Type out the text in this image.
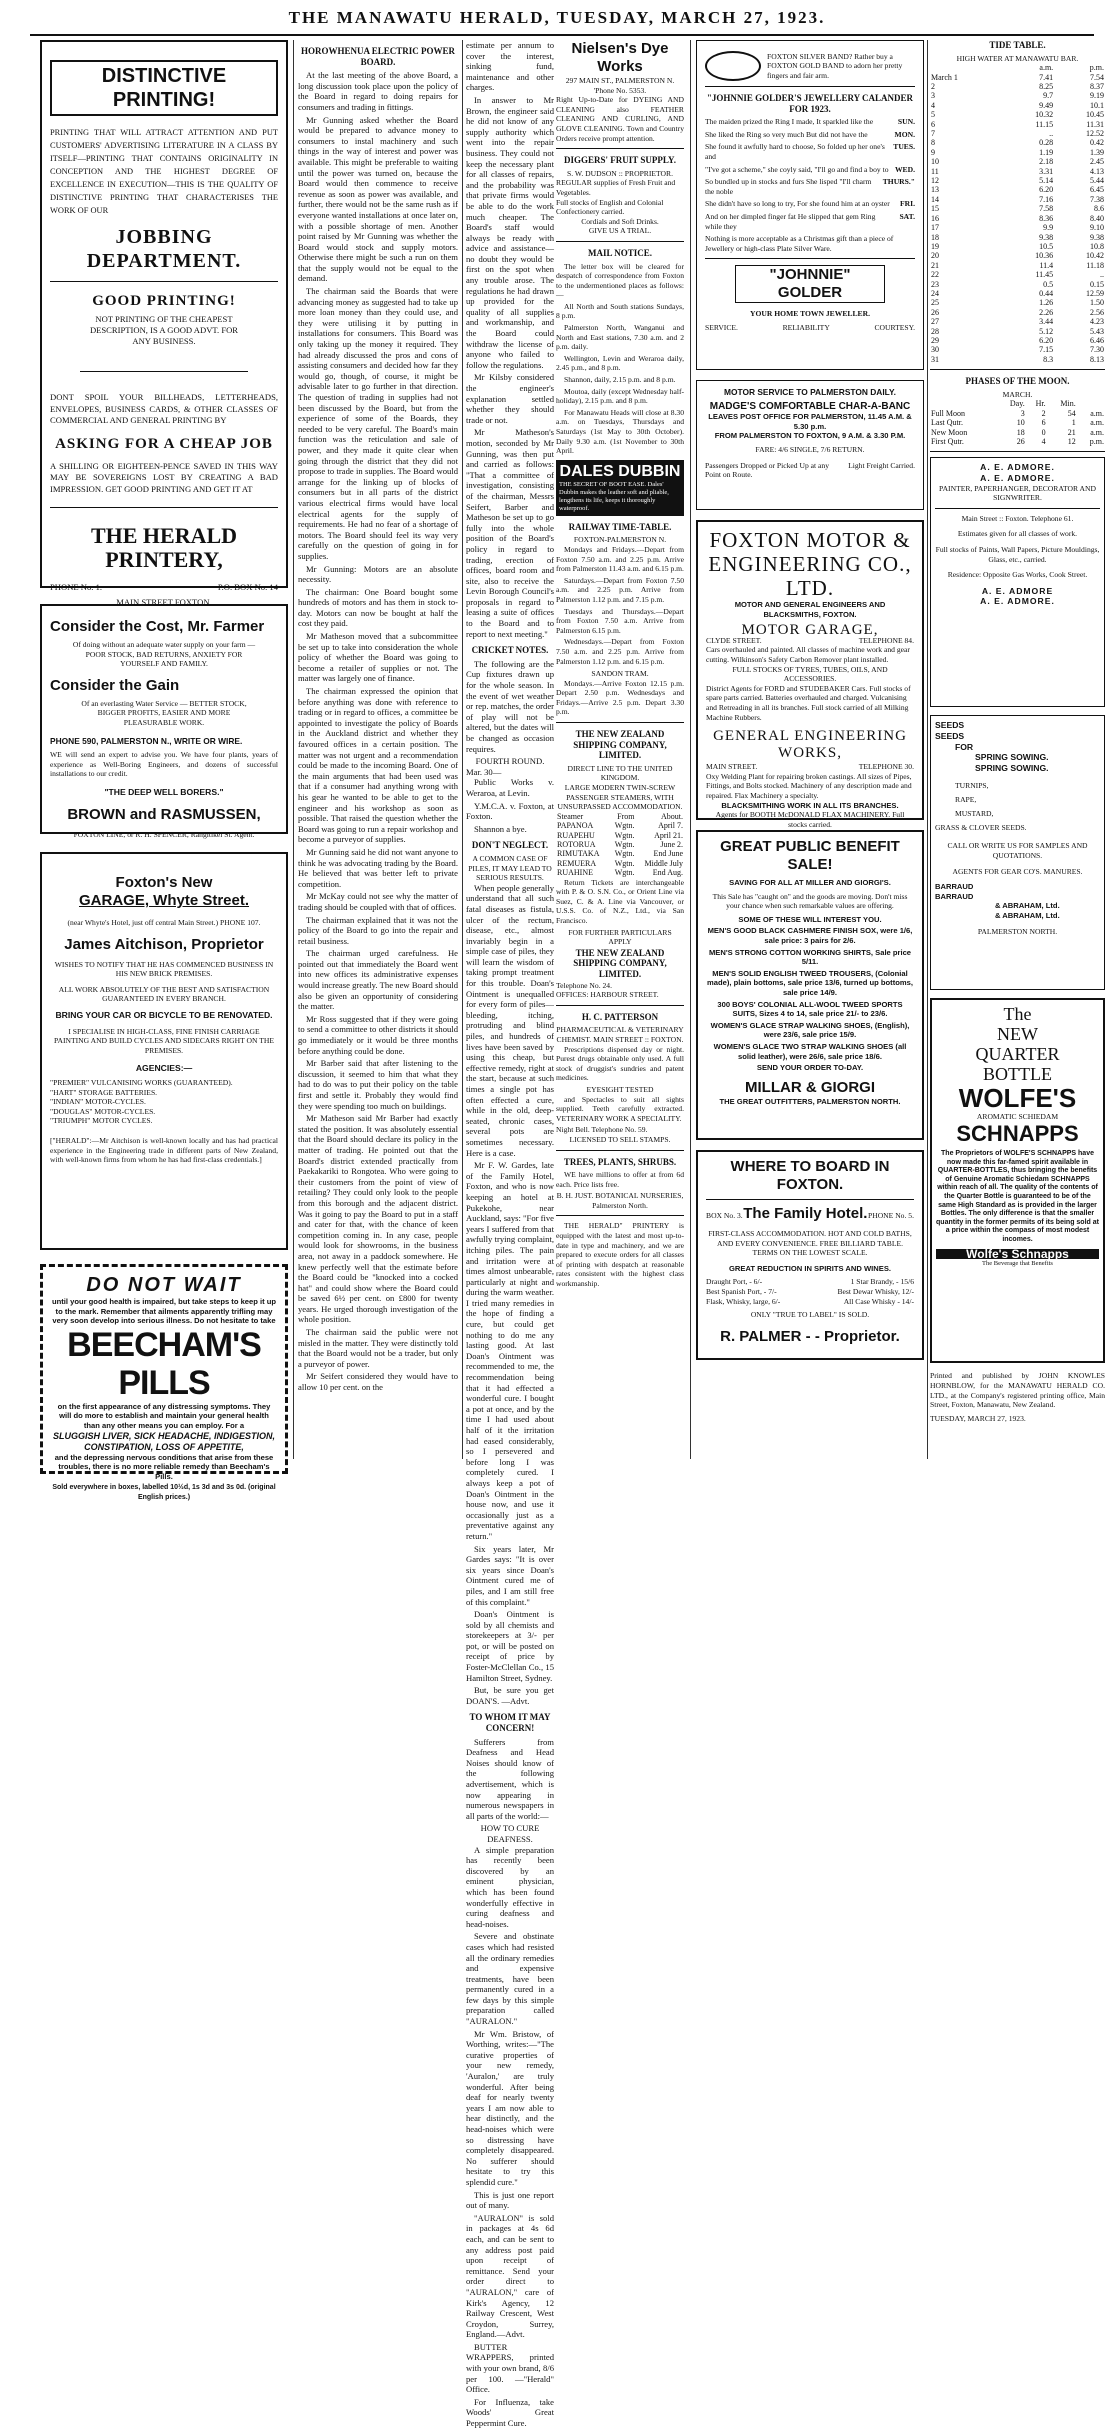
THE MANAWATU HERALD, TUESDAY, MARCH 27, 1923.
DISTINCTIVE PRINTING!
PRINTING THAT WILL ATTRACT ATTENTION AND PUT CUSTOMERS' ADVERTISING LITERATURE IN A CLASS BY ITSELF—PRINTING THAT CONTAINS ORIGINALITY IN CONCEPTION AND THE HIGHEST DEGREE OF EXCELLENCE IN EXECUTION—THIS IS THE QUALITY OF DISTINCTIVE PRINTING THAT CHARACTERISES THE WORK OF OUR
JOBBING DEPARTMENT.
GOOD PRINTING!
NOT PRINTING OF THE CHEAPEST DESCRIPTION, IS A GOOD ADVT. FOR ANY BUSINESS.
DONT SPOIL YOUR BILLHEADS, LETTERHEADS, ENVELOPES, BUSINESS CARDS, & OTHER CLASSES OF COMMERCIAL AND GENERAL PRINTING BY
ASKING FOR A CHEAP JOB
A SHILLING OR EIGHTEEN-PENCE SAVED IN THIS WAY MAY BE SOVEREIGNS LOST BY CREATING A BAD IMPRESSION. GET GOOD PRINTING AND GET IT AT
THE HERALD PRINTERY,
PHONE No. 1.	P.O. BOX No. 14
MAIN STREET FOXTON.
Consider the Cost, Mr. Farmer
Of doing without an adequate water supply on your farm — POOR STOCK, BAD RETURNS, ANXIETY FOR YOURSELF AND FAMILY.
Consider the Gain
Of an everlasting Water Service — BETTER STOCK, BIGGER PROFITS, EASIER AND MORE PLEASURABLE WORK.
PHONE 590, PALMERSTON N., WRITE OR WIRE.
WE will send an expert to advise you. We have four plants, years of experience as Well-Boring Engineers, and dozens of successful installations to our credit.
"THE DEEP WELL BORERS."
BROWN and RASMUSSEN,
FOXTON LINE, or R. H. SPENCER, Rangitikei St. Agent.
Foxton's New
GARAGE, Whyte Street.
(near Whyte's Hotel, just off central Main Street.) PHONE 107.
James Aitchison, Proprietor
WISHES TO NOTIFY THAT HE HAS COMMENCED BUSINESS IN HIS NEW BRICK PREMISES.
ALL WORK ABSOLUTELY OF THE BEST AND SATISFACTION GUARANTEED IN EVERY BRANCH.
BRING YOUR CAR OR BICYCLE TO BE RENOVATED.
I SPECIALISE IN HIGH-CLASS, FINE FINISH CARRIAGE PAINTING AND BUILD CYCLES AND SIDECARS RIGHT ON THE PREMISES.
AGENCIES:—
"PREMIER" VULCANISING WORKS (GUARANTEED).
"HART" STORAGE BATTERIES.
"INDIAN" MOTOR-CYCLES.
"DOUGLAS" MOTOR-CYCLES.
"TRIUMPH" MOTOR CYCLES.
["HERALD":—Mr Aitchison is well-known locally and has had practical experience in the Engineering trade in different parts of New Zealand, with well-known firms from whom he has had first-class credentials.]
DO NOT WAIT
until your good health is impaired, but take steps to keep it up to the mark. Remember that ailments apparently trifling may very soon develop into serious illness. Do not hesitate to take
BEECHAM'S PILLS
on the first appearance of any distressing symptoms. They will do more to establish and maintain your general health than any other means you can employ. For a
SLUGGISH LIVER, SICK HEADACHE, INDIGESTION, CONSTIPATION, LOSS OF APPETITE,
and the depressing nervous conditions that arise from these troubles, there is no more reliable remedy than Beecham's Pills.
Sold everywhere in boxes, labelled 10½d, 1s 3d and 3s 0d. (original English prices.)
HOROWHENUA ELECTRIC POWER BOARD.
At the last meeting of the above Board, a long discussion took place upon the policy of the Board in regard to doing repairs for consumers and trading in fittings.
Mr Gunning asked whether the Board would be prepared to advance money to consumers to instal machinery and such things in the way of interest and power was available. This might be preferable to waiting until the power was turned on, because the Board would then commence to receive revenue as soon as power was available, and further, there would not be the same rush as if everyone wanted installations at once later on, with a possible shortage of men. Another point raised by Mr Gunning was whether the Board would stock and supply motors. Otherwise there might be such a run on them that the supply would not be equal to the demand.
The chairman said the Boards that were advancing money as suggested had to take up more loan money than they could use, and they were utilising it by putting in installations for consumers. This Board was only taking up the money it required. They had already discussed the pros and cons of assisting consumers and decided how far they would go, though, of course, it might be advisable later to go further in that direction. The question of trading in supplies had not been discussed by the Board, but from the experience of some of the Boards, they needed to be very careful. The Board's main function was the reticulation and sale of power, and they made it quite clear when going through the district that they did not propose to trade in supplies. The Board would arrange for the linking up of blocks of consumers but in all parts of the district various electrical firms would have local electrical agents for the supply of requirements. He had no fear of a shortage of motors. The Board should feel its way very carefully on the question of going in for supplies.
Mr Gunning: Motors are an absolute necessity.
The chairman: One Board bought some hundreds of motors and has them in stock to-day. Motors can now be bought at half the cost they paid.
Mr Matheson moved that a subcommittee be set up to take into consideration the whole policy of whether the Board was going to become a retailer of supplies or not. The matter was largely one of finance.
The chairman expressed the opinion that before anything was done with reference to trading or in regard to offices, a committee be appointed to investigate the policy of Boards in the Auckland district and whether they favoured offices in a certain position. The matter was not urgent and a recommendation could be made to the incoming Board. One of the main arguments that had been used was that if a consumer had anything wrong with his gear he wanted to be able to get to the engineer and his workshop as soon as possible. That raised the question whether the Board was going to run a repair workshop and become a purveyor of supplies.
Mr Gunning said he did not want anyone to think he was advocating trading by the Board. He believed that was better left to private competition.
Mr McKay could not see why the matter of trading should be coupled with that of offices.
The chairman explained that it was not the policy of the Board to go into the repair and retail business.
The chairman urged carefulness. He pointed out that immediately the Board went into new offices its administrative expenses would increase greatly. The new Board should also be given an opportunity of considering the matter.
Mr Ross suggested that if they were going to send a committee to other districts it should go immediately or it would be three months before anything could be done.
Mr Barber said that after listening to the discussion, it seemed to him that what they had to do was to put their policy on the table first and settle it. Probably they would find they were spending too much on buildings.
Mr Matheson said Mr Barber had exactly stated the position. It was absolutely essential that the Board should declare its policy in the matter of trading. He pointed out that the Board's district extended practically from Paekakariki to Rongotea. Who were going to their customers from the point of view of retailing? They could only look to the people from this borough and the adjacent district. Was it going to pay the Board to put in a staff and cater for that, with the chance of keen competition coming in. In any case, people would look for showrooms, in the business area, not away in a paddock somewhere. He knew perfectly well that the estimate before the Board could be "knocked into a cocked hat" and could show where the Board could be saved 6½ per cent. on £800 for twenty years. He urged thorough investigation of the whole position.
The chairman said the public were not misled in the matter. They were distinctly told that the Board would not be a trader, but only a purveyor of power.
Mr Seifert considered they would have to allow 10 per cent. on the
estimate per annum to cover the interest, sinking fund, maintenance and other charges.
In answer to Mr Brown, the engineer said he did not know of any supply authority which went into the repair business. They could not keep the necessary plant for all classes of repairs, and the probability was that private firms would be able to do the work much cheaper. The Board's staff would always be ready with advice and assistance—no doubt they would be first on the spot when any trouble arose. The regulations he had drawn up provided for the quality of all supplies and workmanship, and the Board could withdraw the license of anyone who failed to follow the regulations.
Mr Kilsby considered the engineer's explanation settled whether they should trade or not.
Mr Matheson's motion, seconded by Mr Gunning, was then put and carried as follows: "That a committee of investigation, consisting of the chairman, Messrs Seifert, Barber and Matheson be set up to go fully into the whole position of the Board's policy in regard to trading, erection of offices, board room and site, also to receive the Levin Borough Council's proposals in regard to leasing a suite of offices to the Board and to report to next meeting."
CRICKET NOTES.
The following are the Cup fixtures drawn up for the whole season. In the event of wet weather or rep. matches, the order of play will not be altered, but the dates will be changed as occasion requires.
FOURTH ROUND.
Mar. 30—
Public Works v. Weraroa, at Levin.
Y.M.C.A. v. Foxton, at Foxton.
Shannon a bye.
DON'T NEGLECT.
A COMMON CASE OF PILES, IT MAY LEAD TO SERIOUS RESULTS.
When people generally understand that all such fatal diseases as fistula, ulcer of the rectum, disease, etc., almost invariably begin in a simple case of piles, they will learn the wisdom of taking prompt treatment for this trouble. Doan's Ointment is unequalled for every form of piles—bleeding, itching, protruding and blind piles, and hundreds of lives have been saved by using this cheap, but effective remedy, right at the start, because at such times a single pot has often effected a cure, while in the old, deep-seated, chronic cases, several pots are sometimes necessary. Here is a case.
Mr F. W. Gardes, late of the Family Hotel, Foxton, and who is now keeping an hotel at Pukekohe, near Auckland, says: "For five years I suffered from that awfully trying complaint, itching piles. The pain and irritation were at times almost unbearable, particularly at night and during the warm weather. I tried many remedies in the hope of finding a cure, but could get nothing to do me any lasting good. At last Doan's Ointment was recommended to me, the recommendation being that it had effected a wonderful cure. I bought a pot at once, and by the time I had used about half of it the irritation had eased considerably, so I persevered and before long I was completely cured. I always keep a pot of Doan's Ointment in the house now, and use it occasionally just as a preventative against any return."
Six years later, Mr Gardes says: "It is over six years since Doan's Ointment cured me of piles, and I am still free of this complaint."
Doan's Ointment is sold by all chemists and storekeepers at 3/- per pot, or will be posted on receipt of price by Foster-McClellan Co., 15 Hamilton Street, Sydney.
But, be sure you get DOAN'S. —Advt.
TO WHOM IT MAY CONCERN!
Sufferers from Deafness and Head Noises should know of the following advertisement, which is now appearing in numerous newspapers in all parts of the world:—
HOW TO CURE DEAFNESS.
A simple preparation has recently been discovered by an eminent physician, which has been found wonderfully effective in curing deafness and head-noises.
Severe and obstinate cases which had resisted all the ordinary remedies and expensive treatments, have been permanently cured in a few days by this simple preparation called "AURALON."
Mr Wm. Bristow, of Worthing, writes:—"The curative properties of your new remedy, 'Auralon,' are truly wonderful. After being deaf for nearly twenty years I am now able to hear distinctly, and the head-noises which were so distressing have completely disappeared. No sufferer should hesitate to try this splendid cure."
This is just one report out of many.
"AURALON" is sold in packages at 4s 6d each, and can be sent to any address post paid upon receipt of remittance. Send your order direct to "AURALON," care of Kirk's Agency, 12 Railway Crescent, West Croydon, Surrey, England.—Advt.
BUTTER WRAPPERS, printed with your own brand, 8/6 per 100. —"Herald" Office.
For Influenza, take Woods' Great Peppermint Cure.
Nielsen's Dye Works
297 MAIN ST., PALMERSTON N. 'Phone No. 5353.
Right Up-to-Date for DYEING AND CLEANING also FEATHER CLEANING AND CURLING, AND GLOVE CLEANING. Town and Country Orders receive prompt attention.
DIGGERS' FRUIT SUPPLY.
S. W. DUDSON :: PROPRIETOR.
REGULAR supplies of Fresh Fruit and Vegetables.
Full stocks of English and Colonial Confectionery carried.
Cordials and Soft Drinks.
GIVE US A TRIAL.
MAIL NOTICE.
The letter box will be cleared for despatch of correspondence from Foxton to the undermentioned places as follows:—
All North and South stations Sundays, 8 p.m.
Palmerston North, Wanganui and North and East stations, 7.30 a.m. and 2 p.m. daily.
Wellington, Levin and Weraroa daily, 2.45 p.m., and 8 p.m.
Shannon, daily, 2.15 p.m. and 8 p.m.
Moutoa, daily (except Wednesday half-holiday), 2.15 p.m. and 8 p.m.
For Manawatu Heads will close at 8.30 a.m. on Tuesdays, Thursdays and Saturdays (1st May to 30th October). Daily 9.30 a.m. (1st November to 30th April.
DALES DUBBIN
THE SECRET OF BOOT EASE. Dales' Dubbin makes the leather soft and pliable, lengthens its life, keeps it thoroughly waterproof.
RAILWAY TIME-TABLE.
FOXTON-PALMERSTON N.
Mondays and Fridays.—Depart from Foxton 7.50 a.m. and 2.25 p.m. Arrive from Palmerston 11.43 a.m. and 6.15 p.m.
Saturdays.—Depart from Foxton 7.50 a.m. and 2.25 p.m. Arrive from Palmerston 1.12 p.m. and 7.15 p.m.
Tuesdays and Thursdays.—Depart from Foxton 7.50 a.m. Arrive from Palmerston 6.15 p.m.
Wednesdays.—Depart from Foxton 7.50 a.m. and 2.25 p.m. Arrive from Palmerston 1.12 p.m. and 6.15 p.m.
SANDON TRAM.
Mondays.—Arrive Foxton 12.15 p.m. Depart 2.50 p.m. Wednesdays and Fridays.—Arrive 2.5 p.m. Depart 3.30 p.m.
THE NEW ZEALAND SHIPPING COMPANY, LIMITED.
DIRECT LINE TO THE UNITED KINGDOM.
LARGE MODERN TWIN-SCREW PASSENGER STEAMERS, WITH UNSURPASSED ACCOMMODATION.
Steamer	From	About.
PAPANOA	Wgtn.	April 7.
RUAPEHU	Wgtn.	April 21.
ROTORUA	Wgtn.	June 2.
RIMUTAKA	Wgtn.	End June
REMUERA	Wgtn.	Middle July
RUAHINE	Wgtn.	End Aug.
Return Tickets are interchangeable with P. & O. S.N. Co., or Orient Line via Suez, C. & A. Line via Vancouver, or U.S.S. Co. of N.Z., Ltd., via San Francisco.
FOR FURTHER PARTICULARS APPLY
THE NEW ZEALAND SHIPPING COMPANY, LIMITED.
Telephone No. 24.
OFFICES: HARBOUR STREET.
H. C. PATTERSON
PHARMACEUTICAL & VETERINARY CHEMIST. MAIN STREET :: FOXTON.
Prescriptions dispensed day or night. Purest drugs obtainable only used. A full stock of druggist's sundries and patent medicines.
EYESIGHT TESTED
and Spectacles to suit all sights supplied. Teeth carefully extracted. VETERINARY WORK A SPECIALITY.
Night Bell. Telephone No. 59.
LICENSED TO SELL STAMPS.
TREES, PLANTS, SHRUBS.
WE have millions to offer at from 6d each. Price lists free.
B. H. JUST. BOTANICAL NURSERIES, Palmerston North.
THE HERALD" PRINTERY is equipped with the latest and most up-to-date in type and machinery, and we are prepared to execute orders for all classes of printing with despatch at reasonable rates consistent with the highest class workmanship.
FOXTON SILVER BAND? Rather buy a FOXTON GOLD BAND to adorn her pretty fingers and fair arm.
"JOHNNIE GOLDER'S JEWELLERY CALANDER FOR 1923.
The maiden prized the Ring I made, It sparkled like the	SUN.
She liked the Ring so very much But did not have the	MON.
She found it awfully hard to choose, So folded up her one's and
TUES.
"I've got a scheme," she coyly said, "I'll go and find a boy to WED.
So bundled up in stocks and furs She lisped "I'll charm the noble
THURS."
She didn't have so long to try, For she found him at an oyster FRI.
And on her dimpled finger fat He slipped that gem Ring while they
SAT.
Nothing is more acceptable as a Christmas gift than a piece of Jewellery or high-class Plate Silver Ware.
"JOHNNIE" GOLDER
YOUR HOME TOWN JEWELLER.
SERVICE.	RELIABILITY	COURTESY.
MOTOR SERVICE TO PALMERSTON DAILY.
MADGE'S COMFORTABLE CHAR-A-BANC
LEAVES POST OFFICE FOR PALMERSTON, 11.45 A.M. & 5.30 p.m.
FROM PALMERSTON TO FOXTON, 9 A.M. & 3.30 P.M.
FARE: 4/6 SINGLE, 7/6 RETURN.
Passengers Dropped or Picked Up at any Point on Route.
Light Freight Carried.
FOXTON MOTOR & ENGINEERING CO., LTD.
MOTOR AND GENERAL ENGINEERS AND BLACKSMITHS, FOXTON.
MOTOR GARAGE,
CLYDE STREET.	TELEPHONE 84.
Cars overhauled and painted. All classes of machine work and gear cutting. Wilkinson's Safety Carbon Remover plant installed.
FULL STOCKS OF TYRES, TUBES, OILS, AND ACCESSORIES.
District Agents for FORD and STUDEBAKER Cars. Full stocks of spare parts carried. Batteries overhauled and charged. Vulcanising and Retreading in all its branches. Full stock carried of all Milking Machine Rubbers.
GENERAL ENGINEERING WORKS,
MAIN STREET.	TELEPHONE 30.
Oxy Welding Plant for repairing broken castings. All sizes of Pipes, Fittings, and Bolts stocked. Machinery of any description made and repaired. Flax Machinery a specialty.
BLACKSMITHING WORK IN ALL ITS BRANCHES.
Agents for BOOTH McDONALD FLAX MACHINERY. Full stocks carried.
GREAT PUBLIC BENEFIT SALE!
SAVING FOR ALL AT MILLER AND GIORGI'S.
This Sale has "caught on" and the goods are moving. Don't miss your chance when such remarkable values are offering.
SOME OF THESE WILL INTEREST YOU.
MEN'S GOOD BLACK CASHMERE FINISH SOX, were 1/6, sale price: 3 pairs for 2/6.
MEN'S STRONG COTTON WORKING SHIRTS, Sale price 5/11.
MEN'S SOLID ENGLISH TWEED TROUSERS, (Colonial made), plain bottoms, sale price 13/6, turned up bottoms, sale price 14/9.
300 BOYS' COLONIAL ALL-WOOL TWEED SPORTS SUITS, Sizes 4 to 14, sale price 21/- to 23/6.
WOMEN'S GLACE STRAP WALKING SHOES, (English), were 23/6, sale price 15/9.
WOMEN'S GLACE TWO STRAP WALKING SHOES (all solid leather), were 26/6, sale price 18/6.
SEND YOUR ORDER TO-DAY.
MILLAR & GIORGI
THE GREAT OUTFITTERS, PALMERSTON NORTH.
WHERE TO BOARD IN FOXTON.
BOX No. 3. The Family Hotel. PHONE No. 5.
FIRST-CLASS ACCOMMODATION. HOT AND COLD BATHS, AND EVERY CONVENIENCE. FREE BILLIARD TABLE. TERMS ON THE LOWEST SCALE.
GREAT REDUCTION IN SPIRITS AND WINES.
Draught Port, - 6/-	1 Star Brandy, - 15/6
Best Spanish Port, - 7/-	Best Dewar Whisky, 12/-
Flask, Whisky, large, 6/-	All Case Whisky - 14/-
ONLY "TRUE TO LABEL" IS SOLD.
R. PALMER - - Proprietor.
TIDE TABLE.
HIGH WATER AT MANAWATU BAR.
	a.m.	p.m.
March 1	7.41	7.54
2	8.25	8.37
3	9.7	9.19
4	9.49	10.1
5	10.32	10.45
6	11.15	11.31
7	..	12.52
8	0.28	0.42
9	1.19	1.39
10	2.18	2.45
11	3.31	4.13
12	5.14	5.44
13	6.20	6.45
14	7.16	7.38
15	7.58	8.6
16	8.36	8.40
17	9.9	9.10
18	9.38	9.38
19	10.5	10.8
20	10.36	10.42
21	11.4	11.18
22	11.45	..
23	0.5	0.15
24	0.44	12.59
25	1.26	1.50
26	2.26	2.56
27	3.44	4.23
28	5.12	5.43
29	6.20	6.46
30	7.15	7.30
31	8.3	8.13
PHASES OF THE MOON.
MARCH.
	Day.	Hr.	Min.	
Full Moon	3	2	54	a.m.
Last Qutr.	10	6	1	a.m.
New Moon	18	0	21	a.m.
First Qutr.	26	4	12	p.m.
A. E. ADMORE.
A. E. ADMORE.
PAINTER, PAPERHANGER, DECORATOR AND SIGNWRITER.
Main Street :: Foxton. Telephone 61.
Estimates given for all classes of work.
Full stocks of Paints, Wall Papers, Picture Mouldings, Glass, etc., carried.
Residence: Opposite Gas Works, Cook Street.
A. E. ADMORE
A. E. ADMORE.
SEEDS
SEEDS
FOR
SPRING SOWING.
SPRING SOWING.
TURNIPS,
RAPE,
MUSTARD,
GRASS & CLOVER SEEDS.
CALL OR WRITE US FOR SAMPLES AND QUOTATIONS.
AGENTS FOR GEAR CO'S. MANURES.
BARRAUD
BARRAUD
& ABRAHAM, Ltd.
& ABRAHAM, Ltd.
PALMERSTON NORTH.
The
NEW
QUARTER
BOTTLE
WOLFE'S
AROMATIC SCHIEDAM
SCHNAPPS
The Proprietors of WOLFE'S SCHNAPPS have now made this far-famed spirit available in QUARTER-BOTTLES, thus bringing the benefits of Genuine Aromatic Schiedam SCHNAPPS within reach of all. The quality of the contents of the Quarter Bottle is guaranteed to be of the same High Standard as is provided in the larger Bottles. The only difference is that the smaller quantity in the former permits of its being sold at a price within the compass of most modest incomes.
Wolfe's Schnapps
The Beverage that Benefits
Printed and published by JOHN KNOWLES HORNBLOW, for the MANAWATU HERALD CO. LTD., at the Company's registered printing office, Main Street, Foxton, Manawatu, New Zealand.
TUESDAY, MARCH 27, 1923.
